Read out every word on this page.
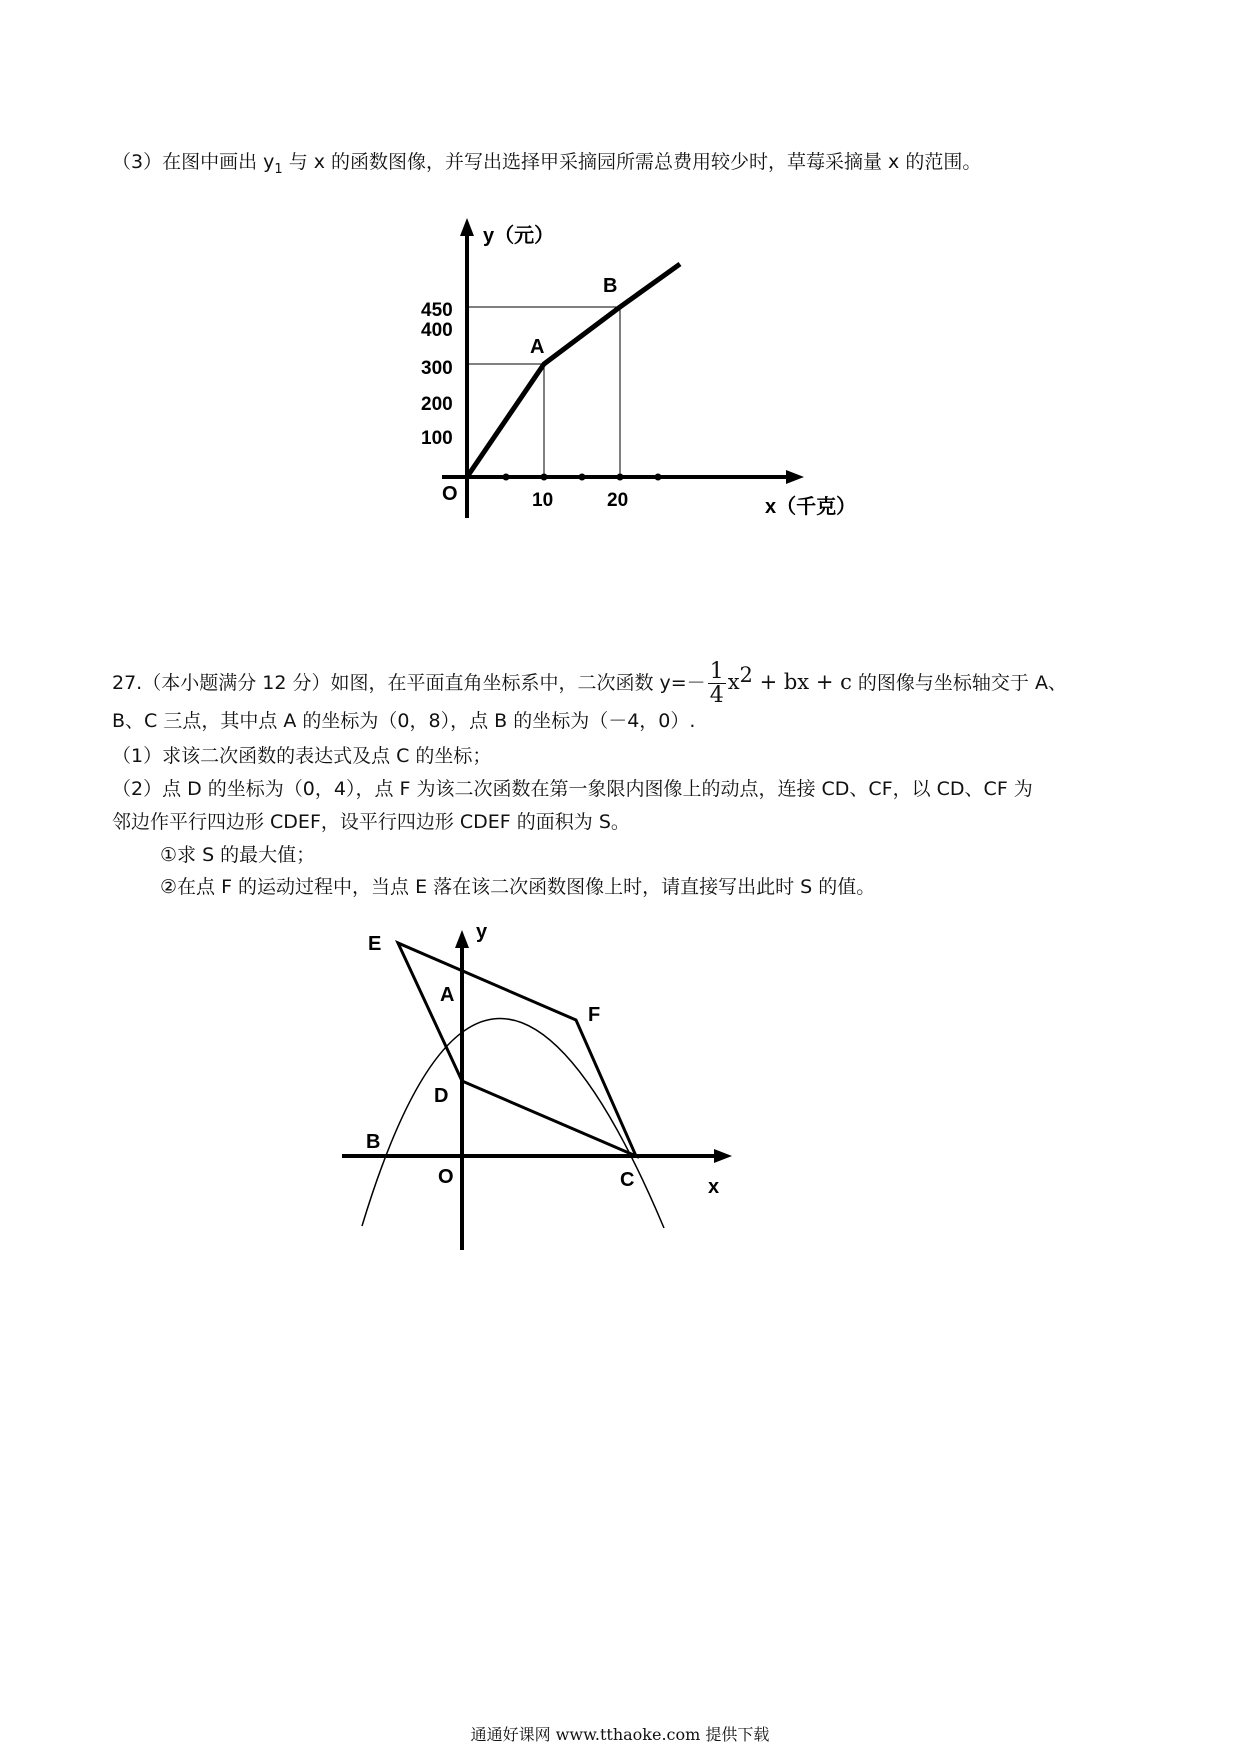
（3）在图中画出 $y_1$ 与 x 的函数图像，并写出选择甲采摘园所需总费用较少时，草莓采摘量 x 的范围。
y（元）
x（千克）
O
A
B
100
200
300
400
450
10	20
27.（本小题满分 12 分）如图，在平面直角坐标系中，二次函数 $y=- \frac{1}{4} x^2$ + bx + c 的图像与坐标轴交于 A、
B、C 三点，其中点 A 的坐标为（0，8），点 B 的坐标为（－4，0）.
（1）求该二次函数的表达式及点 C 的坐标；
（2）点 D 的坐标为（0，4），点 F 为该二次函数在第一象限内图像上的动点，连接 CD、CF，以 CD、CF 为
邻边作平行四边形 CDEF，设平行四边形 CDEF 的面积为 S。
①求 S 的最大值；
②在点 F 的运动过程中，当点 E 落在该二次函数图像上时，请直接写出此时 S 的值。
y
x
E
A
F
D
B
O	C
通通好课网 www.tthaoke.com 提供下载
